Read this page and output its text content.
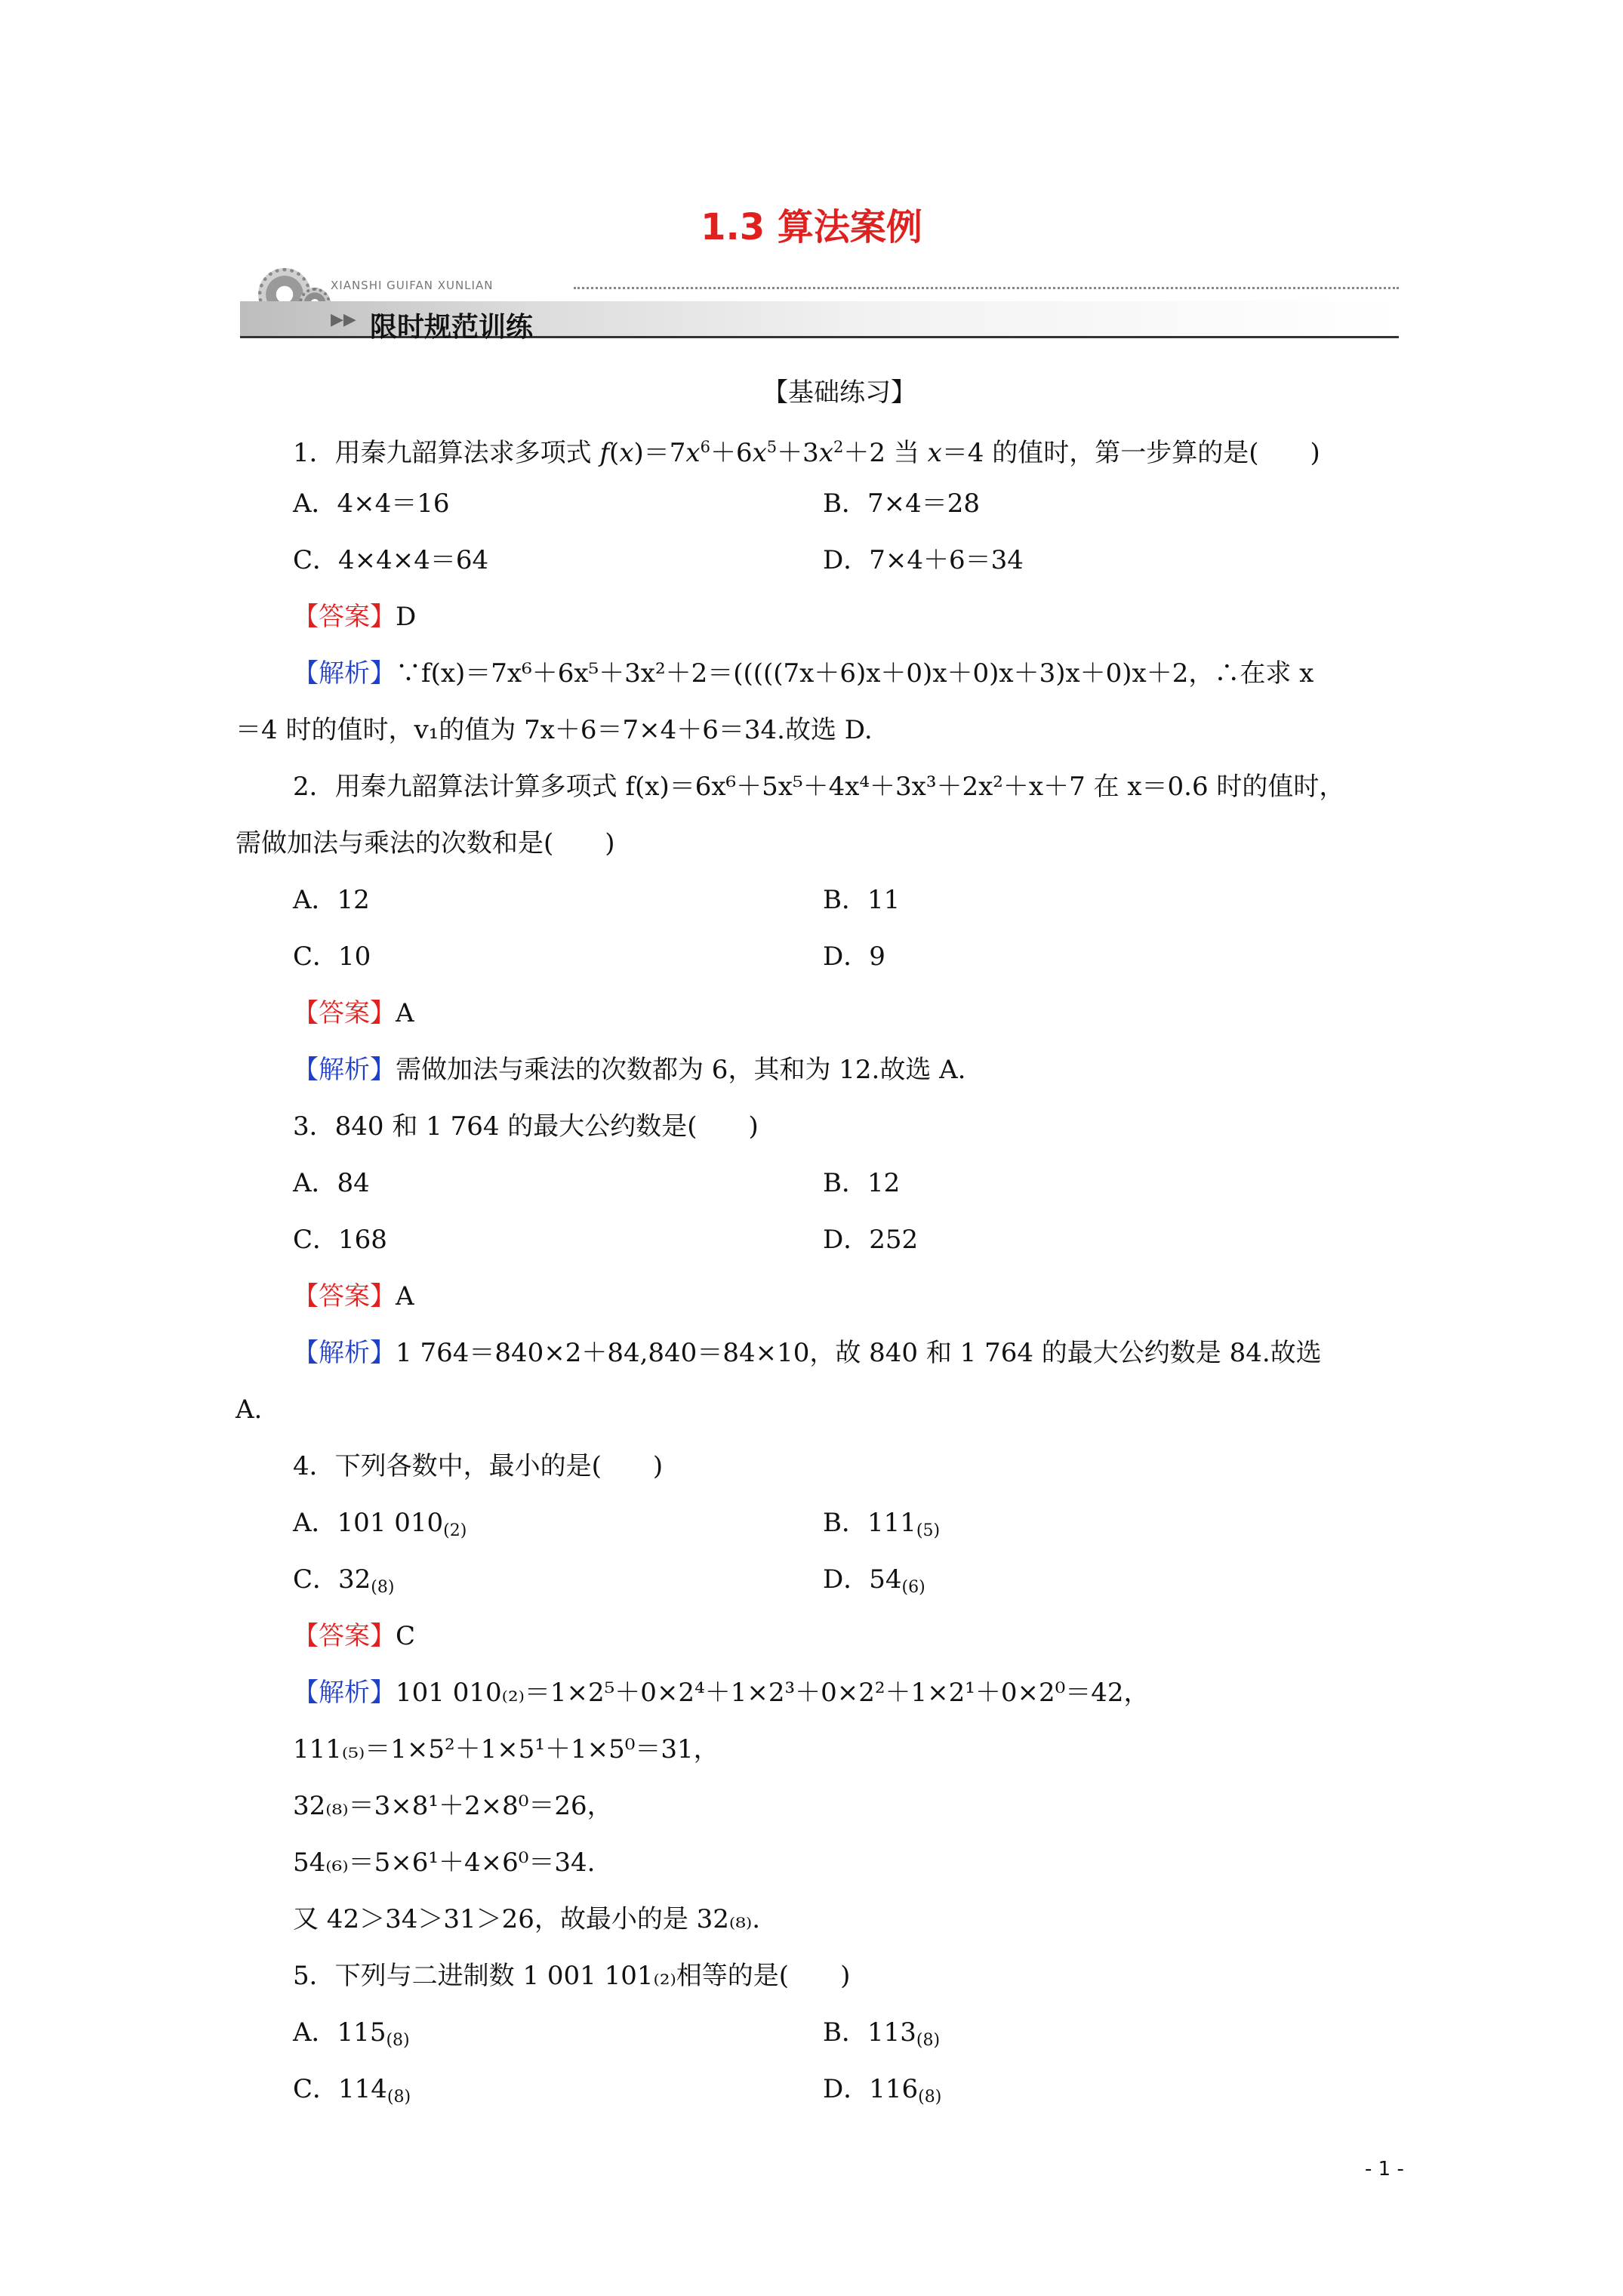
1.3 算法案例
XIANSHI GUIFAN XUNLIAN
▶▶ 限时规范训练
【基础练习】
1．用秦九韶算法求多项式 $f(x)=7x^6+6x^5+3x^2+2$ 当 x＝4 的值时，第一步算的是(　　)
A．4×4＝16	B．7×4＝28
C．4×4×4＝64	D．7×4＋6＝34
【答案】D
【解析】∵f(x)＝7x⁶＋6x⁵＋3x²＋2＝(((((7x＋6)x＋0)x＋0)x＋3)x＋0)x＋2，∴在求 x
＝4 时的值时，v₁的值为 7x＋6＝7×4＋6＝34.故选 D.
2．用秦九韶算法计算多项式 f(x)＝6x⁶＋5x⁵＋4x⁴＋3x³＋2x²＋x＋7 在 x＝0.6 时的值时，
需做加法与乘法的次数和是(　　)
A．12	B．11
C．10	D．9
【答案】A
【解析】需做加法与乘法的次数都为 6，其和为 12.故选 A.
3．840 和 1 764 的最大公约数是(　　)
A．84	B．12
C．168	D．252
【答案】A
【解析】1 764＝840×2＋84,840＝84×10，故 840 和 1 764 的最大公约数是 84.故选
A.
4．下列各数中，最小的是(　　)
A．101 $010_{(2)}$	B．$111_{(5)}$
C．$32_{(8)}$	D．$54_{(6)}$
【答案】C
【解析】101 010₍₂₎＝1×2⁵＋0×2⁴＋1×2³＋0×2²＋1×2¹＋0×2⁰＝42，
111₍₅₎＝1×5²＋1×5¹＋1×5⁰＝31，
32₍₈₎＝3×8¹＋2×8⁰＝26，
54₍₆₎＝5×6¹＋4×6⁰＝34.
又 42＞34＞31＞26，故最小的是 32₍₈₎.
5．下列与二进制数 1 001 101₍₂₎相等的是(　　)
A．$115_{(8)}$	B．$113_{(8)}$
C．$114_{(8)}$	D．$116_{(8)}$
- 1 -
